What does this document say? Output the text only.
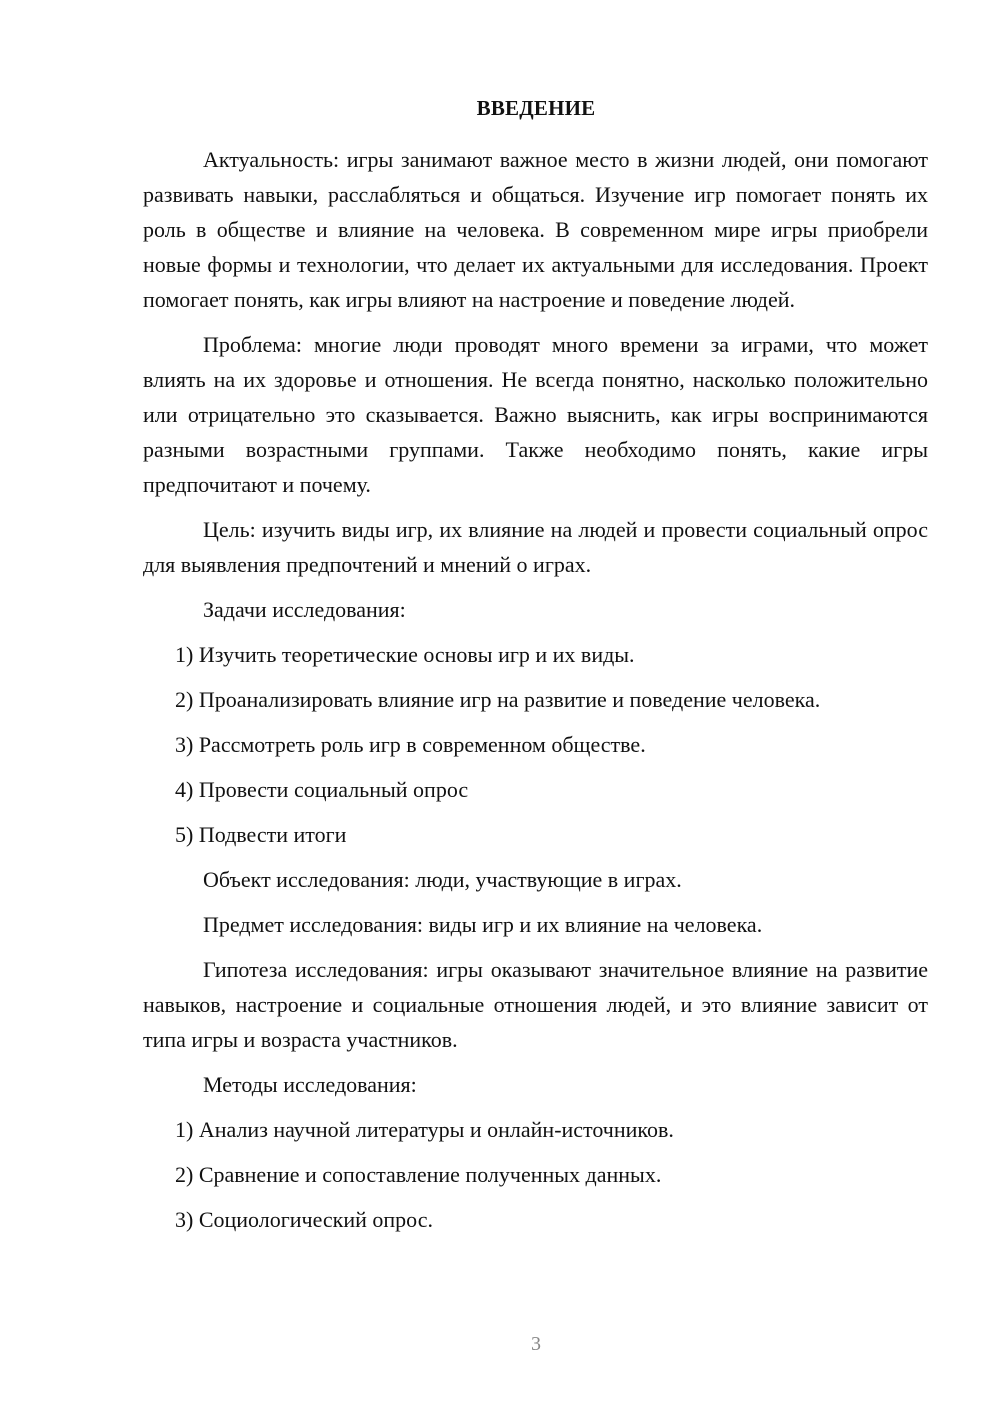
ВВЕДЕНИЕ

Актуальность: игры занимают важное место в жизни людей, они помогают развивать навыки, расслабляться и общаться. Изучение игр помогает понять их роль в обществе и влияние на человека. В современном мире игры приобрели новые формы и технологии, что делает их актуальными для исследования. Проект помогает понять, как игры влияют на настроение и поведение людей.

Проблема: многие люди проводят много времени за играми, что может влиять на их здоровье и отношения. Не всегда понятно, насколько положительно или отрицательно это сказывается. Важно выяснить, как игры воспринимаются разными возрастными группами. Также необходимо понять, какие игры предпочитают и почему.

Цель: изучить виды игр, их влияние на людей и провести социальный опрос для выявления предпочтений и мнений о играх.

Задачи исследования:
1) Изучить теоретические основы игр и их виды.
2) Проанализировать влияние игр на развитие и поведение человека.
3) Рассмотреть роль игр в современном обществе.
4) Провести социальный опрос
5) Подвести итоги
Объект исследования: люди, участвующие в играх.
Предмет исследования: виды игр и их влияние на человека.

Гипотеза исследования: игры оказывают значительное влияние на развитие навыков, настроение и социальные отношения людей, и это влияние зависит от типа игры и возраста участников.

Методы исследования:
1) Анализ научной литературы и онлайн-источников.
2) Сравнение и сопоставление полученных данных.
3) Социологический опрос.
3
